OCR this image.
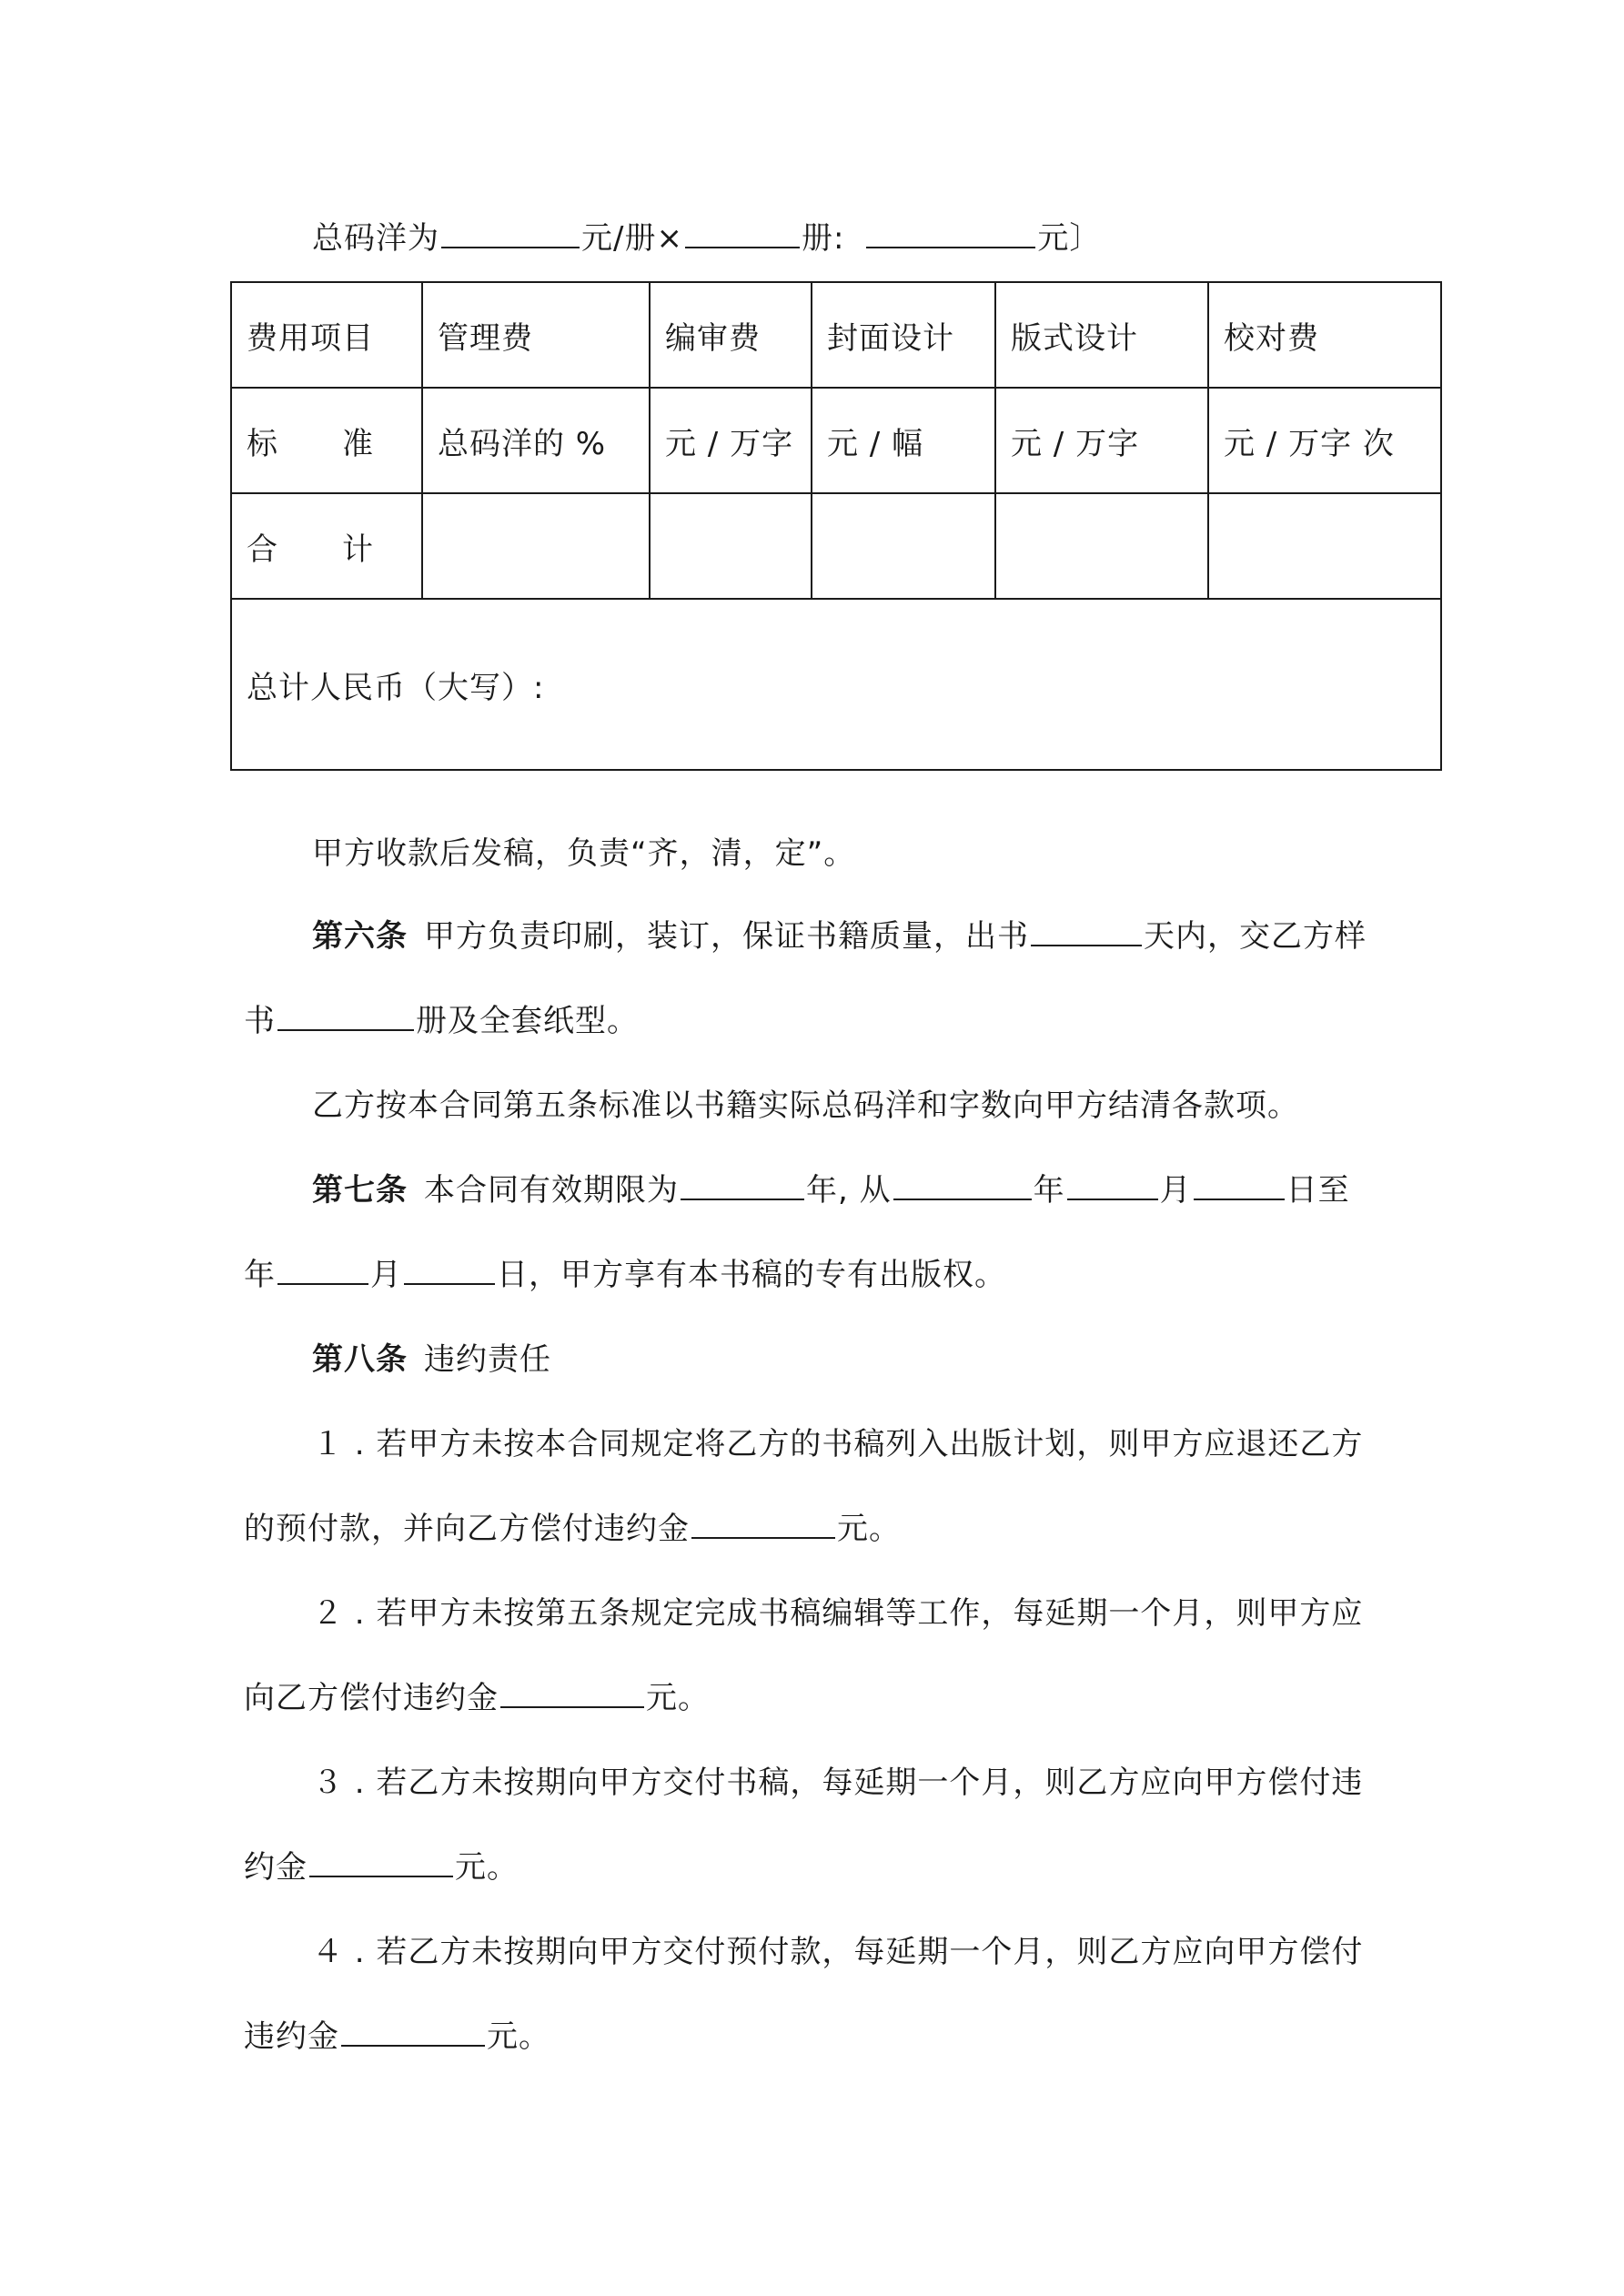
总码洋为	元/册×	册:	元〕
费用项目	管理费	编审费	封面设计	版式设计	校对费
标 准	总码洋的 %	元 / 万字	元 / 幅	元 / 万字	元 / 万字 次
合 计					
总计人民币（大写）:					
甲方收款后发稿，负责“齐，清，定”。
第六条 甲方负责印刷，装订，保证书籍质量，出书	天内，交乙方样
书	册及全套纸型。
乙方按本合同第五条标准以书籍实际总码洋和字数向甲方结清各款项。
第七条 本合同有效期限为	年, 从	年	月	日至
年	月	日，甲方享有本书稿的专有出版权。
第八条 违约责任
１ . 若甲方未按本合同规定将乙方的书稿列入出版计划，则甲方应退还乙方
的预付款，并向乙方偿付违约金	元。
２ . 若甲方未按第五条规定完成书稿编辑等工作，每延期一个月，则甲方应
向乙方偿付违约金	元。
３ . 若乙方未按期向甲方交付书稿，每延期一个月，则乙方应向甲方偿付违
约金	元。
４ . 若乙方未按期向甲方交付预付款，每延期一个月，则乙方应向甲方偿付
违约金	元。
